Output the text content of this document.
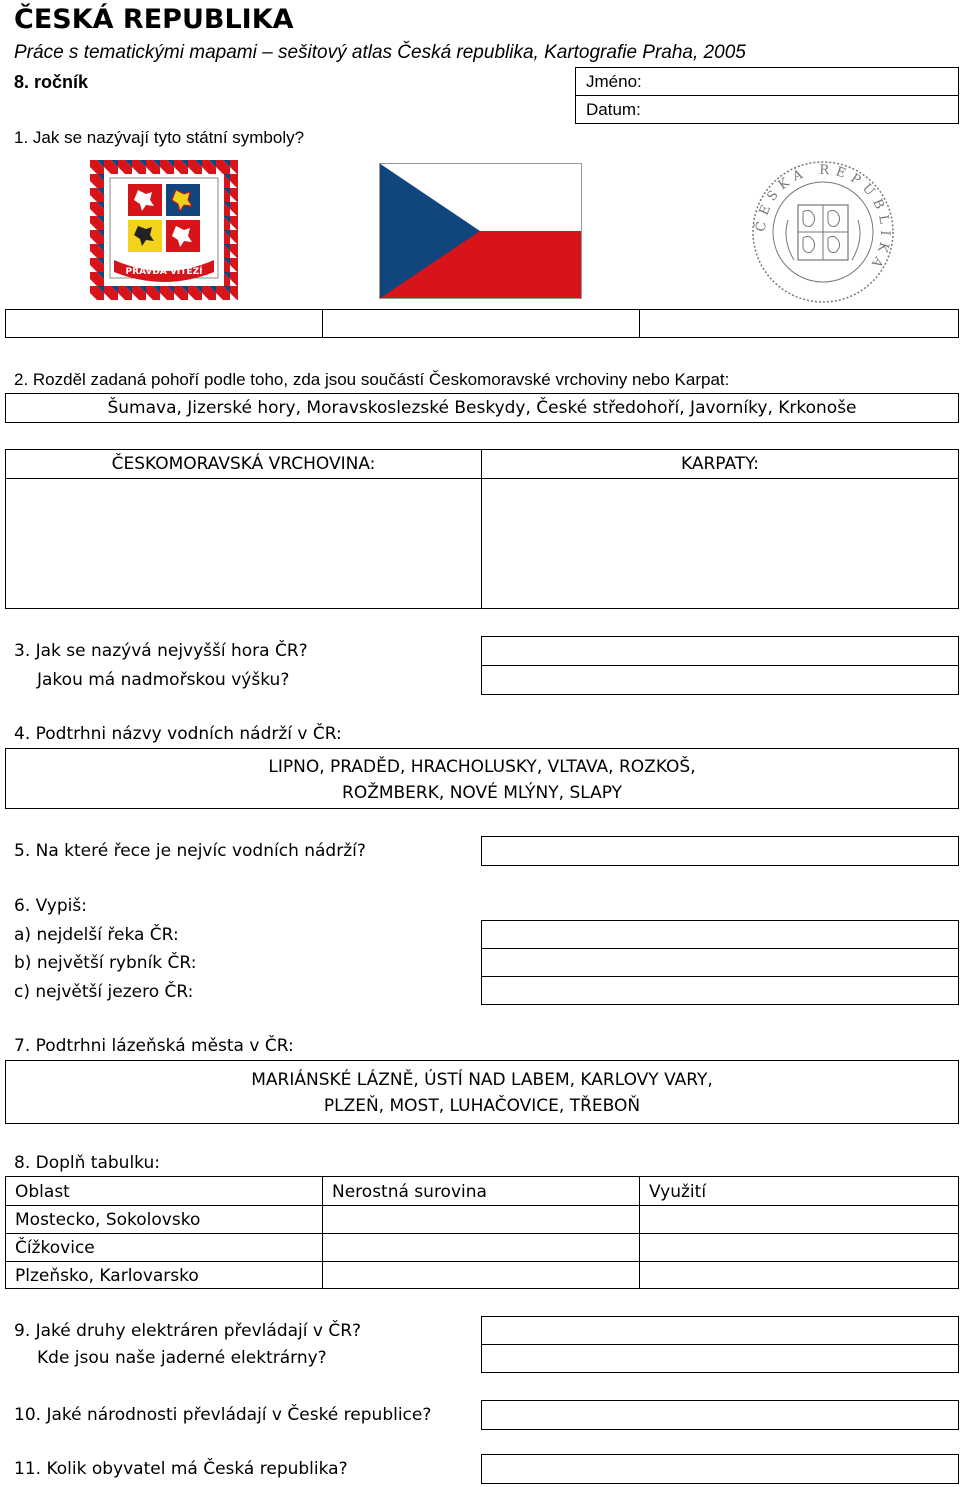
ČESKÁ REPUBLIKA
Práce s tematickými mapami – sešitový atlas Česká republika, Kartografie Praha, 2005
8. ročník	Jméno:
Datum:
1. Jak se nazývají tyto státní symboly?
PRAVDA VÍTĚZÍ
ČESKÁ REPUBLIKA
2. Rozděl zadaná pohoří podle toho, zda jsou součástí Českomoravské vrchoviny nebo Karpat:
Šumava, Jizerské hory, Moravskoslezské Beskydy, České středohoří, Javorníky, Krkonoše
ČESKOMORAVSKÁ VRCHOVINA:	KARPATY:
3. Jak se nazývá nejvyšší hora ČR?
Jakou má nadmořskou výšku?
4. Podtrhni názvy vodních nádrží v ČR:
LIPNO, PRADĚD, HRACHOLUSKY, VLTAVA, ROZKOŠ,
ROŽMBERK, NOVÉ MLÝNY, SLAPY
5. Na které řece je nejvíc vodních nádrží?
6. Vypiš:
a) nejdelší řeka ČR:
b) největší rybník ČR:
c) největší jezero ČR:
7. Podtrhni lázeňská města v ČR:
MARIÁNSKÉ LÁZNĚ, ÚSTÍ NAD LABEM, KARLOVY VARY,
PLZEŇ, MOST, LUHAČOVICE, TŘEBOŇ
8. Doplň tabulku:
Oblast	Nerostná surovina	Využití
Mostecko, Sokolovsko
Čížkovice
Plzeňsko, Karlovarsko
9. Jaké druhy elektráren převládají v ČR?
Kde jsou naše jaderné elektrárny?
10. Jaké národnosti převládají v České republice?
11. Kolik obyvatel má Česká republika?
